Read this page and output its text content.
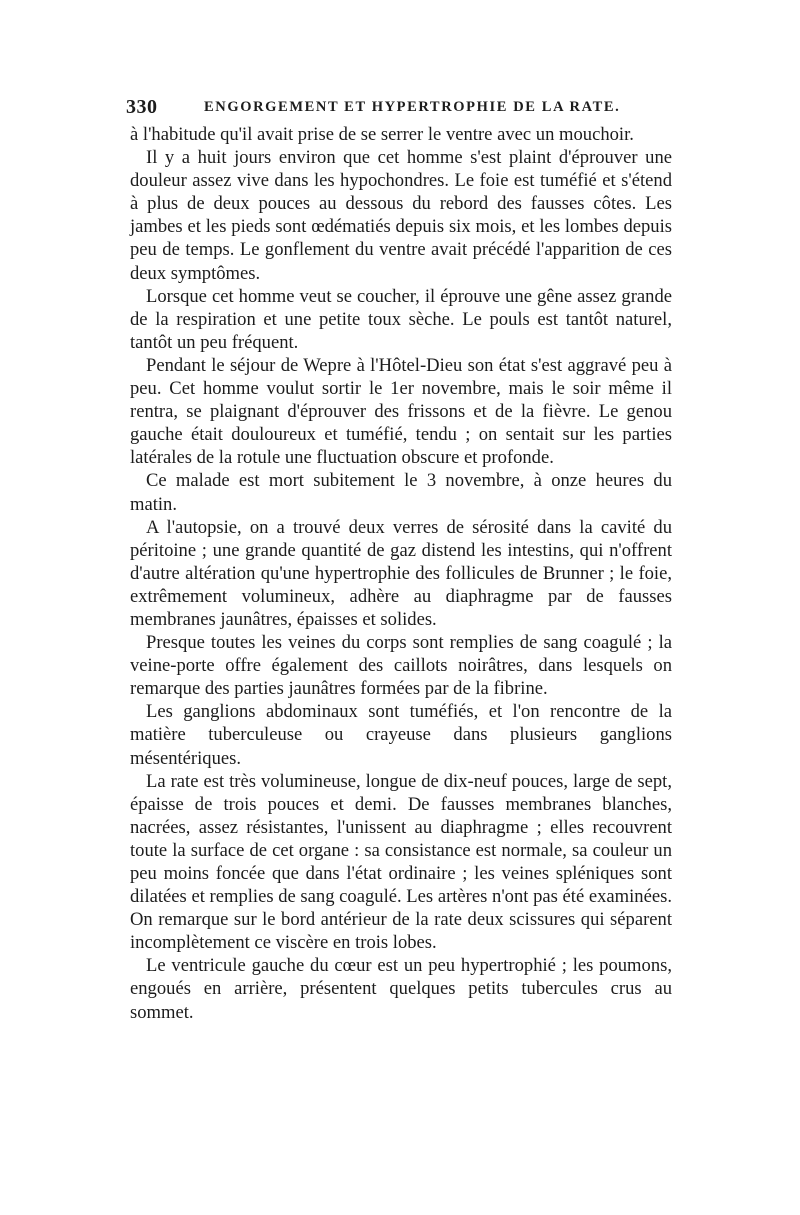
330	ENGORGEMENT ET HYPERTROPHIE DE LA RATE.

à l'habitude qu'il avait prise de se serrer le ventre avec un mouchoir.

Il y a huit jours environ que cet homme s'est plaint d'éprouver une douleur assez vive dans les hypochondres. Le foie est tuméfié et s'étend à plus de deux pouces au dessous du rebord des fausses côtes. Les jambes et les pieds sont œdématiés depuis six mois, et les lombes depuis peu de temps. Le gonflement du ventre avait précédé l'apparition de ces deux symptômes.

Lorsque cet homme veut se coucher, il éprouve une gêne assez grande de la respiration et une petite toux sèche. Le pouls est tantôt naturel, tantôt un peu fréquent.

Pendant le séjour de Wepre à l'Hôtel-Dieu son état s'est aggravé peu à peu. Cet homme voulut sortir le 1er novembre, mais le soir même il rentra, se plaignant d'éprouver des frissons et de la fièvre. Le genou gauche était douloureux et tuméfié, tendu ; on sentait sur les parties latérales de la rotule une fluctuation obscure et profonde.

Ce malade est mort subitement le 3 novembre, à onze heures du matin.

A l'autopsie, on a trouvé deux verres de sérosité dans la cavité du péritoine ; une grande quantité de gaz distend les intestins, qui n'offrent d'autre altération qu'une hypertrophie des follicules de Brunner ; le foie, extrêmement volumineux, adhère au diaphragme par de fausses membranes jaunâtres, épaisses et solides.

Presque toutes les veines du corps sont remplies de sang coagulé ; la veine-porte offre également des caillots noirâtres, dans lesquels on remarque des parties jaunâtres formées par de la fibrine.

Les ganglions abdominaux sont tuméfiés, et l'on rencontre de la matière tuberculeuse ou crayeuse dans plusieurs ganglions mésentériques.

La rate est très volumineuse, longue de dix-neuf pouces, large de sept, épaisse de trois pouces et demi. De fausses membranes blanches, nacrées, assez résistantes, l'unissent au diaphragme ; elles recouvrent toute la surface de cet organe : sa consistance est normale, sa couleur un peu moins foncée que dans l'état ordinaire ; les veines spléniques sont dilatées et remplies de sang coagulé. Les artères n'ont pas été examinées. On remarque sur le bord antérieur de la rate deux scissures qui séparent incomplètement ce viscère en trois lobes.

Le ventricule gauche du cœur est un peu hypertrophié ; les poumons, engoués en arrière, présentent quelques petits tubercules crus au sommet.
